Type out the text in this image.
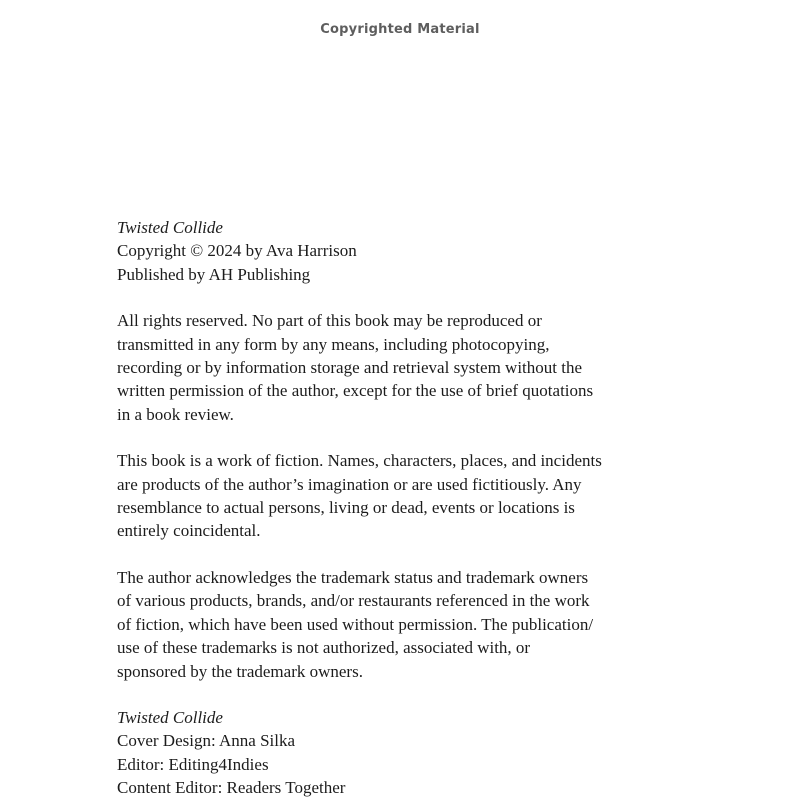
Copyrighted Material
Twisted Collide
Copyright © 2024 by Ava Harrison
Published by AH Publishing
All rights reserved. No part of this book may be reproduced or
transmitted in any form by any means, including photocopying,
recording or by information storage and retrieval system without the
written permission of the author, except for the use of brief quotations
in a book review.
This book is a work of fiction. Names, characters, places, and incidents
are products of the author’s imagination or are used fictitiously. Any
resemblance to actual persons, living or dead, events or locations is
entirely coincidental.
The author acknowledges the trademark status and trademark owners
of various products, brands, and/or restaurants referenced in the work
of fiction, which have been used without permission. The publication/
use of these trademarks is not authorized, associated with, or
sponsored by the trademark owners.
Twisted Collide
Cover Design: Anna Silka
Editor: Editing4Indies
Content Editor: Readers Together
